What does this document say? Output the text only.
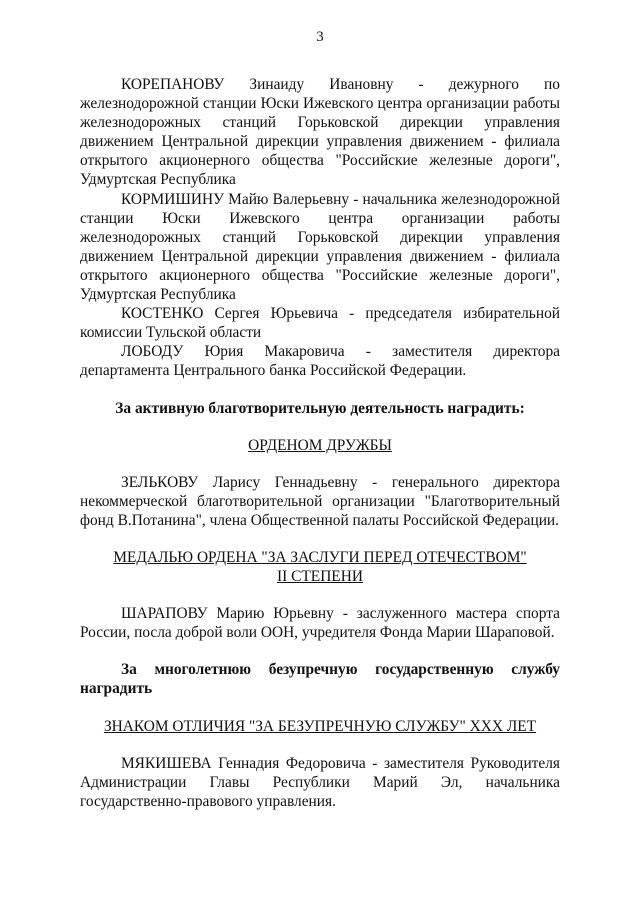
3

КОРЕПАНОВУ Зинаиду Ивановну - дежурного по железнодорожной станции Юски Ижевского центра организации работы железнодорожных станций Горьковской дирекции управления движением Центральной дирекции управления движением - филиала открытого акционерного общества "Российские железные дороги", Удмуртская Республика

КОРМИШИНУ Майю Валерьевну - начальника железнодорожной станции Юски Ижевского центра организации работы железнодорожных станций Горьковской дирекции управления движением Центральной дирекции управления движением - филиала открытого акционерного общества "Российские железные дороги", Удмуртская Республика

КОСТЕНКО Сергея Юрьевича - председателя избирательной комиссии Тульской области

ЛОБОДУ Юрия Макаровича - заместителя директора департамента Центрального банка Российской Федерации.

За активную благотворительную деятельность наградить:

ОРДЕНОМ ДРУЖБЫ

ЗЕЛЬКОВУ Ларису Геннадьевну - генерального директора некоммерческой благотворительной организации "Благотворительный фонд В.Потанина", члена Общественной палаты Российской Федерации.

МЕДАЛЬЮ ОРДЕНА "ЗА ЗАСЛУГИ ПЕРЕД ОТЕЧЕСТВОМ"

II СТЕПЕНИ

ШАРАПОВУ Марию Юрьевну - заслуженного мастера спорта России, посла доброй воли ООН, учредителя Фонда Марии Шараповой.

За многолетнюю безупречную государственную службу наградить

ЗНАКОМ ОТЛИЧИЯ "ЗА БЕЗУПРЕЧНУЮ СЛУЖБУ" XXX ЛЕТ

МЯКИШЕВА Геннадия Федоровича - заместителя Руководителя Администрации Главы Республики Марий Эл, начальника государственно-правового управления.
